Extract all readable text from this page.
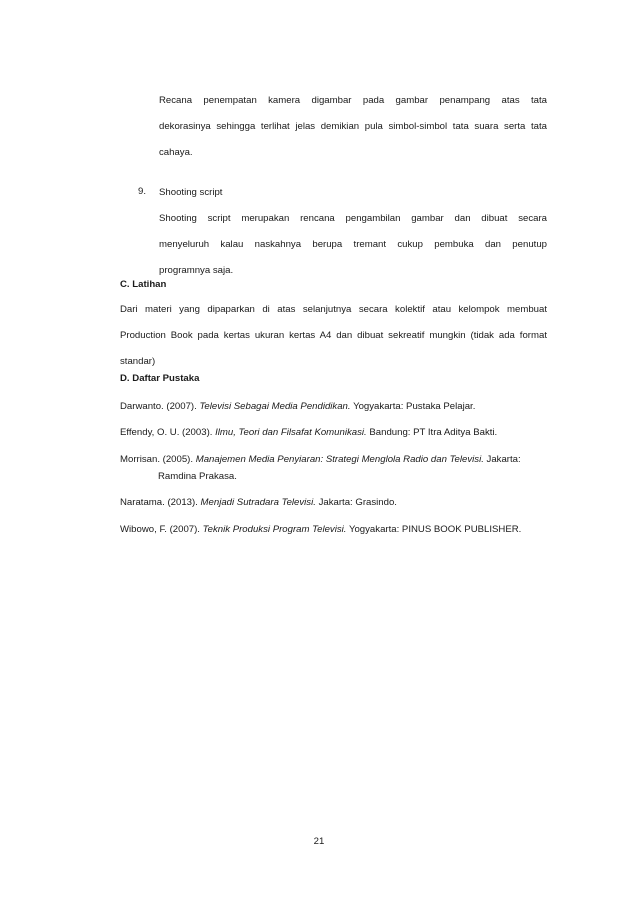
Recana penempatan kamera digambar pada gambar penampang atas tata
dekorasinya sehingga terlihat jelas demikian pula simbol-simbol tata suara serta tata
cahaya.
9. Shooting script
Shooting script merupakan rencana pengambilan gambar dan dibuat secara
menyeluruh kalau naskahnya berupa tremant cukup pembuka dan penutup
programnya saja.
C. Latihan
Dari materi yang dipaparkan di atas selanjutnya secara kolektif atau kelompok membuat
Production Book pada kertas ukuran kertas A4 dan dibuat sekreatif mungkin (tidak ada format
standar)
D. Daftar Pustaka
Darwanto. (2007). Televisi Sebagai Media Pendidikan. Yogyakarta: Pustaka Pelajar.
Effendy, O. U. (2003). Ilmu, Teori dan Filsafat Komunikasi. Bandung: PT Itra Aditya Bakti.
Morrisan. (2005). Manajemen Media Penyiaran: Strategi Menglola Radio dan Televisi. Jakarta:
Ramdina Prakasa.
Naratama. (2013). Menjadi Sutradara Televisi. Jakarta: Grasindo.
Wibowo, F. (2007). Teknik Produksi Program Televisi. Yogyakarta: PINUS BOOK PUBLISHER.
21
